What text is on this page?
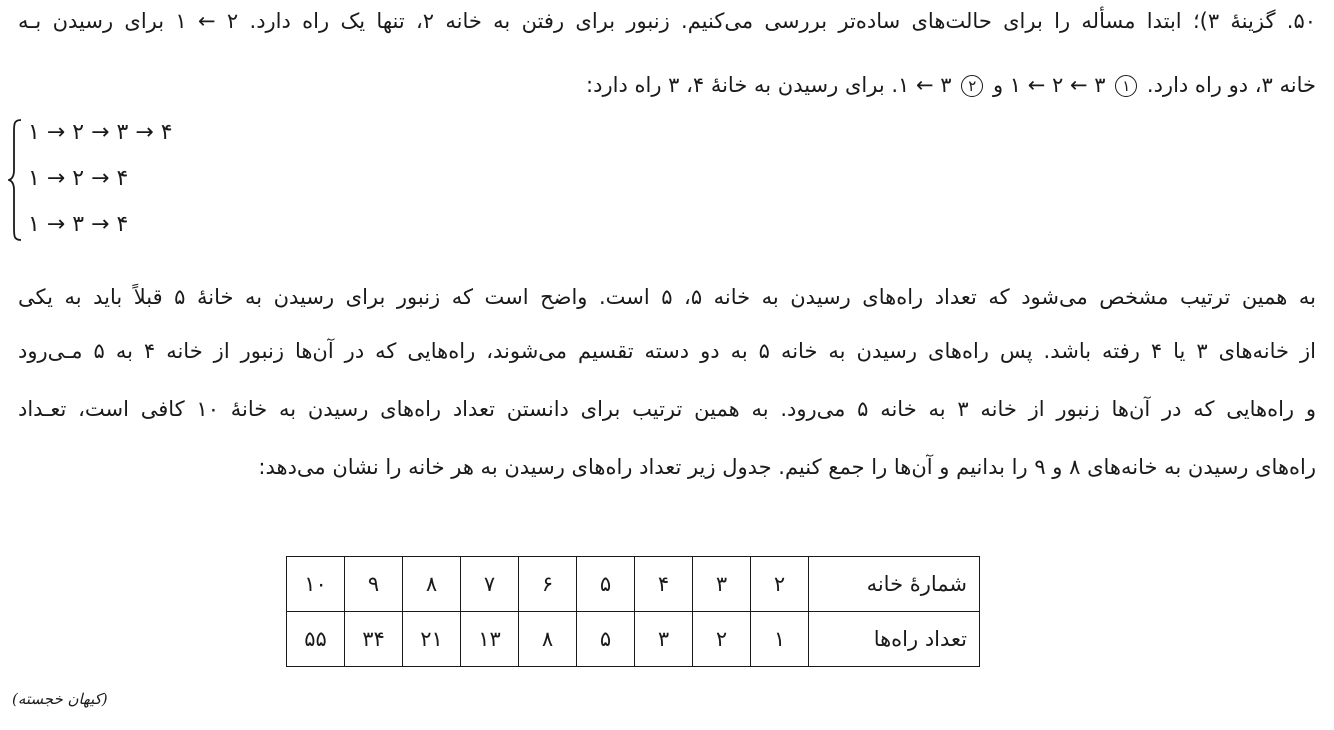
۵۰. گزینهٔ ۳)؛ ابتدا مسأله را برای حالت‌های ساده‌تر بررسی می‌کنیم. زنبور برای رفتن به خانه ۲، تنها یک راه دارد. ۲ ← ۱ برای رسیدن بـه
خانه ۳، دو راه دارد. ۱ ۳ ← ۲ ← ۱ و ۲ ۳ ← ۱. برای رسیدن به خانهٔ ۴، ۳ راه دارد:
۱ → ۲ → ۳ → ۴
۱ → ۲ → ۴
۱ → ۳ → ۴
به همین ترتیب مشخص می‌شود که تعداد راه‌های رسیدن به خانه ۵، ۵ است. واضح است که زنبور برای رسیدن به خانهٔ ۵ قبلاً باید به یکی
از خانه‌های ۳ یا ۴ رفته باشد. پس راه‌های رسیدن به خانه ۵ به دو دسته تقسیم می‌شوند، راه‌هایی که در آن‌ها زنبور از خانه ۴ به ۵ مـی‌رود
و راه‌هایی که در آن‌ها زنبور از خانه ۳ به خانه ۵ می‌رود. به همین ترتیب برای دانستن تعداد راه‌های رسیدن به خانهٔ ۱۰ کافی است، تعـداد
راه‌های رسیدن به خانه‌های ۸ و ۹ را بدانیم و آن‌ها را جمع کنیم. جدول زیر تعداد راه‌های رسیدن به هر خانه را نشان می‌دهد:
شمارهٔ خانه	۲	۳	۴	۵	۶	۷	۸	۹	۱۰
تعداد راه‌ها	۱	۲	۳	۵	۸	۱۳	۲۱	۳۴	۵۵
(کیهان خجسته)
